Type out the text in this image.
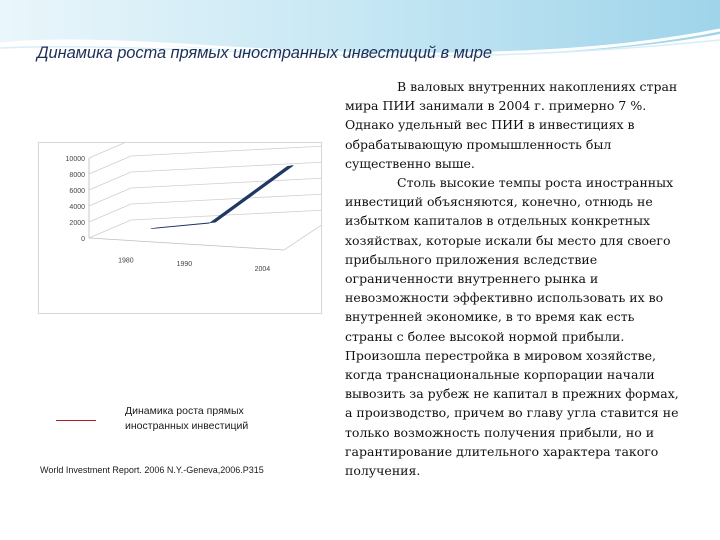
Динамика роста прямых иностранных инвестиций в мире
10000
8000
6000
4000
2000
0
1980
1990
2004
Динамика роста прямых иностранных инвестиций
World Investment Report. 2006 N.Y.-Geneva,2006.P315

В валовых внутренних накоплениях стран мира ПИИ занимали в 2004 г. примерно 7 %. Однако удельный вес ПИИ в инвестициях в обрабатывающую промышленность был существенно выше.

Столь высокие темпы роста иностранных инвестиций объясняются, конечно, отнюдь не избытком капиталов в отдельных конкретных хозяйствах, которые искали бы место для своего прибыльного приложения вследствие ограниченности внутреннего рынка и невозможности эффективно использовать их во внутренней экономике, в то время как есть страны с более высокой нормой прибыли. Произошла перестройка в мировом хозяйстве, когда транснациональные корпорации начали вывозить за рубеж не капитал в прежних формах, а производство, причем во главу угла ставится не только возможность получения прибыли, но и гарантирование длительного характера такого получения.
